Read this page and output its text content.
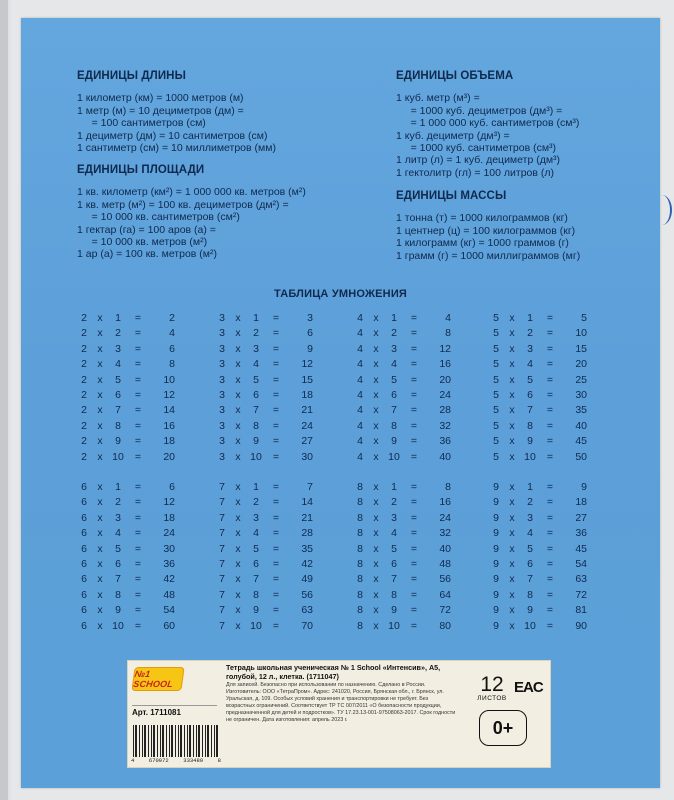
ЕДИНИЦЫ ДЛИНЫ

1 километр (км) = 1000 метров (м)

1 метр (м) = 10 дециметров (дм) =

= 100 сантиметров (см)

1 дециметр (дм) = 10 сантиметров (см)

1 сантиметр (см) = 10 миллиметров (мм)

ЕДИНИЦЫ ПЛОЩАДИ

1 кв. километр (км²) = 1 000 000 кв. метров (м²)

1 кв. метр (м²) = 100 кв. дециметров (дм²) =

= 10 000 кв. сантиметров (см²)

1 гектар (га) = 100 аров (а) =

= 10 000 кв. метров (м²)

1 ар (а) = 100 кв. метров (м²)

ЕДИНИЦЫ ОБЪЕМА

1 куб. метр (м³) =

= 1000 куб. дециметров (дм³) =

= 1 000 000 куб. сантиметров (см³)

1 куб. дециметр (дм³) =

= 1000 куб. сантиметров (см³)

1 литр (л) = 1 куб. дециметр (дм³)

1 гектолитр (гл) = 100 литров (л)

ЕДИНИЦЫ МАССЫ

1 тонна (т) = 1000 килограммов (кг)

1 центнер (ц) = 100 килограммов (кг)

1 килограмм (кг) = 1000 граммов (г)

1 грамм (г) = 1000 миллиграммов (мг)

ТАБЛИЦА УМНОЖЕНИЯ
2 x	1	=	2
2 x	2	=	4
2 x	3	=	6
2 x	4	=	8
2 x	5	=	10
2 x	6	=	12
2 x	7	=	14
2 x	8	=	16
2 x	9	=	18
2 x 10	=	20
3 x	1	=	3
3 x	2	=	6
3 x	3	=	9
3 x	4	=	12
3 x	5	=	15
3 x	6	=	18
3 x	7	=	21
3 x	8	=	24
3 x	9	=	27
3 x 10	=	30
4 x	1	=	4
4 x	2	=	8
4 x	3	=	12
4 x	4	=	16
4 x	5	=	20
4 x	6	=	24
4 x	7	=	28
4 x	8	=	32
4 x	9	=	36
4 x 10	=	40
5 x	1	=	5
5 x	2	=	10
5 x	3	=	15
5 x	4	=	20
5 x	5	=	25
5 x	6	=	30
5 x	7	=	35
5 x	8	=	40
5 x	9	=	45
5 x 10	=	50
6 x	1	=	6
6 x	2	=	12
6 x	3	=	18
6 x	4	=	24
6 x	5	=	30
6 x	6	=	36
6 x	7	=	42
6 x	8	=	48
6 x	9	=	54
6 x 10	=	60
7 x	1	=	7
7 x	2	=	14
7 x	3	=	21
7 x	4	=	28
7 x	5	=	35
7 x	6	=	42
7 x	7	=	49
7 x	8	=	56
7 x	9	=	63
7 x 10	=	70
8 x	1	=	8
8 x	2	=	16
8 x	3	=	24
8 x	4	=	32
8 x	5	=	40
8 x	6	=	48
8 x	7	=	56
8 x	8	=	64
8 x	9	=	72
8 x 10	=	80
9 x	1	=	9
9 x	2	=	18
9 x	3	=	27
9 x	4	=	36
9 x	5	=	45
9 x	6	=	54
9 x	7	=	63
9 x	8	=	72
9 x	9	=	81
9 x 10	=	90
№1 SCHOOL
Арт. 1711081
4	670072	333489	8
Тетрадь школьная ученическая № 1 School «Интенсив», А5, голубой, 12 л., клетка. (1711047)
Для записей. Безопасно при использовании по назначению. Сделано в России. Изготовитель: ООО «ТетраПром». Адрес: 241020, Россия, Брянская обл., г. Брянск, ул. Уральская, д. 109. Особых условий хранения и транспортировки не требует. Без возрастных ограничений. Соответствует ТР ТС 007/2011 «О безопасности продукции, предназначенной для детей и подростков». ТУ 17.23.13-001-97508063-2017. Срок годности не ограничен. Дата изготовления: апрель 2023 г.
12
ЛИСТОВ
EAC
0+
